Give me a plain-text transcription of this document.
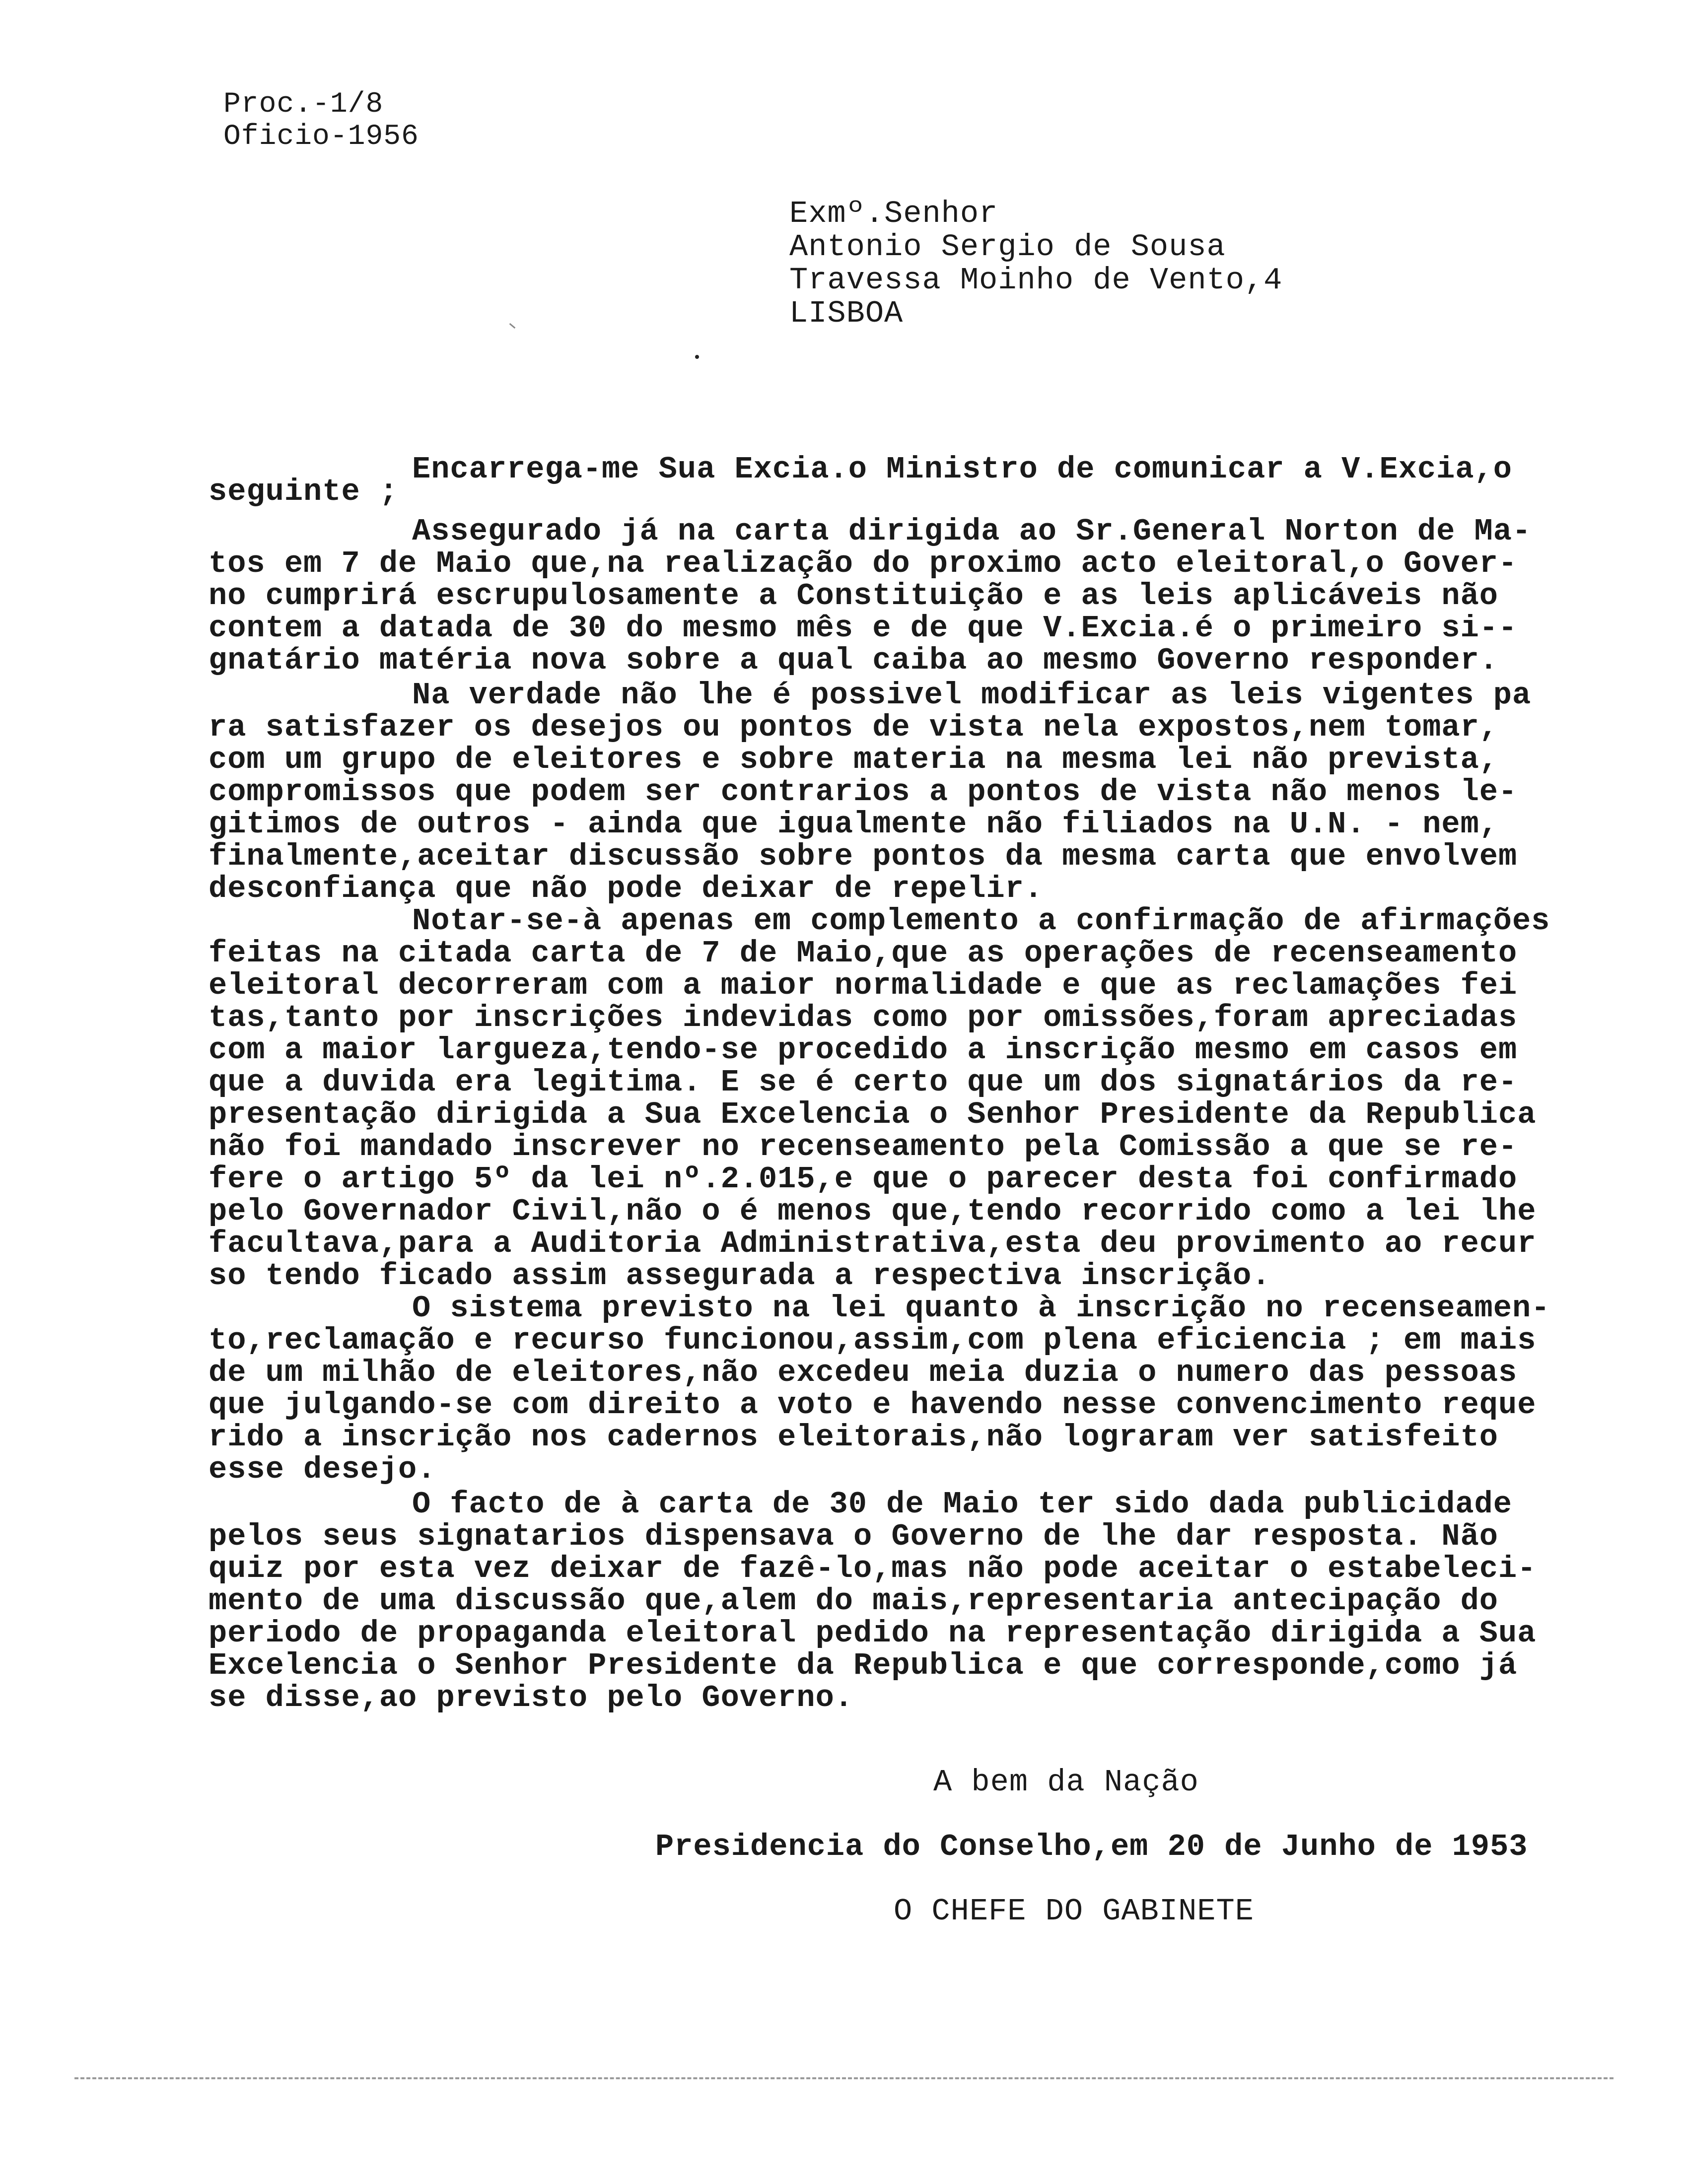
Proc.-1/8
Oficio-1956
Exmº.Senhor
Antonio Sergio de Sousa
Travessa Moinho de Vento,4
LISBOA
Encarrega-me Sua Excia.o Ministro de comunicar a V.Excia,o
seguinte ;
Assegurado já na carta dirigida ao Sr.General Norton de Ma-
tos em 7 de Maio que,na realização do proximo acto eleitoral,o Gover-
no cumprirá escrupulosamente a Constituição e as leis aplicáveis não
contem a datada de 30 do mesmo mês e de que V.Excia.é o primeiro si--
gnatário matéria nova sobre a qual caiba ao mesmo Governo responder.
Na verdade não lhe é possivel modificar as leis vigentes pa
ra satisfazer os desejos ou pontos de vista nela expostos,nem tomar,
com um grupo de eleitores e sobre materia na mesma lei não prevista,
compromissos que podem ser contrarios a pontos de vista não menos le-
gitimos de outros - ainda que igualmente não filiados na U.N. - nem,
finalmente,aceitar discussão sobre pontos da mesma carta que envolvem
desconfiança que não pode deixar de repelir.
Notar-se-à apenas em complemento a confirmação de afirmações
feitas na citada carta de 7 de Maio,que as operações de recenseamento
eleitoral decorreram com a maior normalidade e que as reclamações fei
tas,tanto por inscrições indevidas como por omissões,foram apreciadas
com a maior largueza,tendo-se procedido a inscrição mesmo em casos em
que a duvida era legitima. E se é certo que um dos signatários da re-
presentação dirigida a Sua Excelencia o Senhor Presidente da Republica
não foi mandado inscrever no recenseamento pela Comissão a que se re-
fere o artigo 5º da lei nº.2.015,e que o parecer desta foi confirmado
pelo Governador Civil,não o é menos que,tendo recorrido como a lei lhe
facultava,para a Auditoria Administrativa,esta deu provimento ao recur
so tendo ficado assim assegurada a respectiva inscrição.
O sistema previsto na lei quanto à inscrição no recenseamen-
to,reclamação e recurso funcionou,assim,com plena eficiencia ; em mais
de um milhão de eleitores,não excedeu meia duzia o numero das pessoas
que julgando-se com direito a voto e havendo nesse convencimento reque
rido a inscrição nos cadernos eleitorais,não lograram ver satisfeito
esse desejo.
O facto de à carta de 30 de Maio ter sido dada publicidade
pelos seus signatarios dispensava o Governo de lhe dar resposta. Não
quiz por esta vez deixar de fazê-lo,mas não pode aceitar o estabeleci-
mento de uma discussão que,alem do mais,representaria antecipação do
periodo de propaganda eleitoral pedido na representação dirigida a Sua
Excelencia o Senhor Presidente da Republica e que corresponde,como já
se disse,ao previsto pelo Governo.
A bem da Nação
Presidencia do Conselho,em 20 de Junho de 1953
O CHEFE DO GABINETE
